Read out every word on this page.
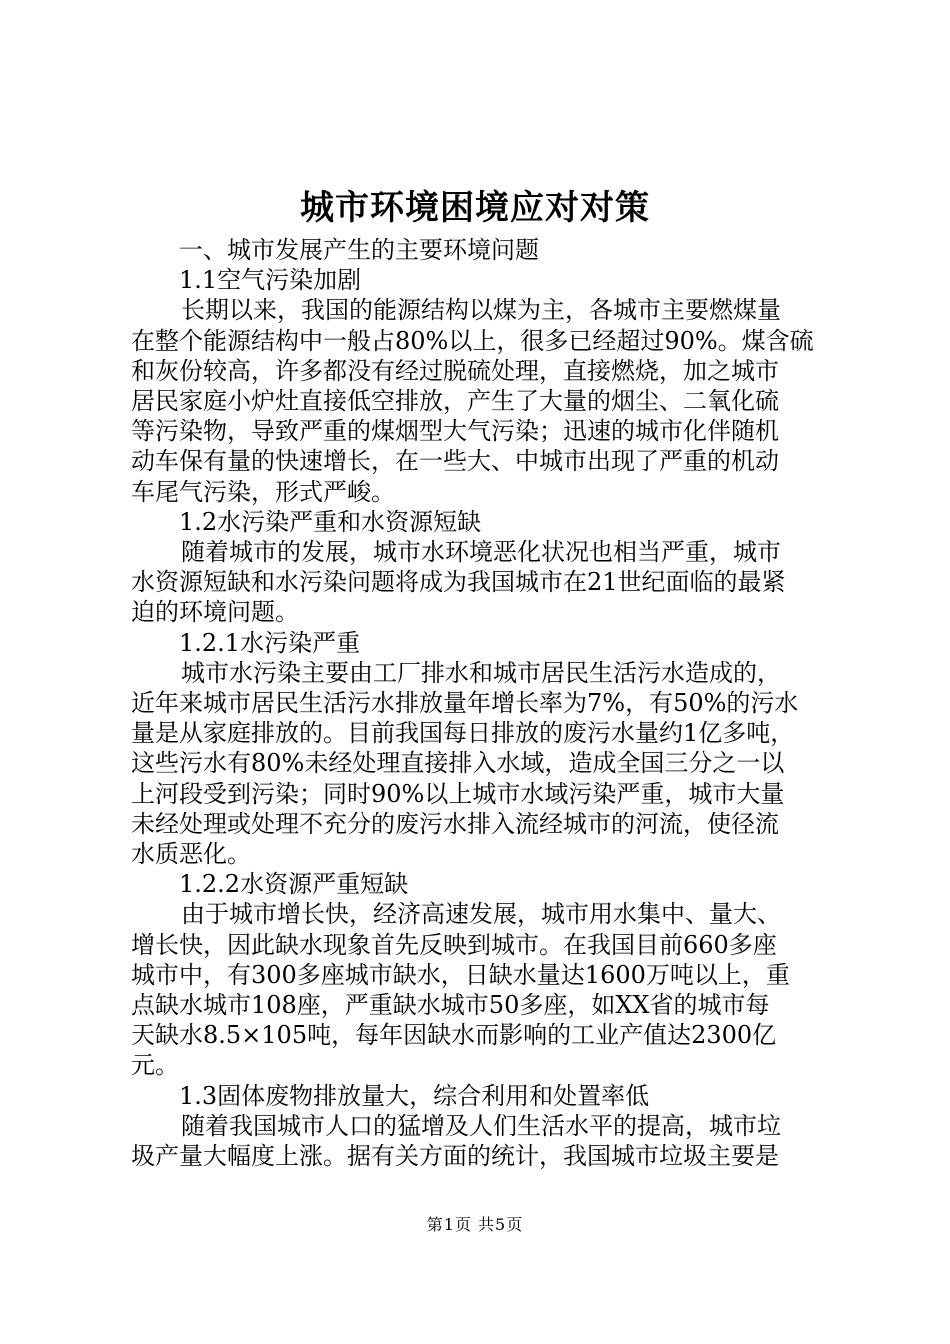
城市环境困境应对对策
一、城市发展产生的主要环境问题
1.1空气污染加剧
长期以来，我国的能源结构以煤为主，各城市主要燃煤量
在整个能源结构中一般占80%以上，很多已经超过90%。煤含硫
和灰份较高，许多都没有经过脱硫处理，直接燃烧，加之城市
居民家庭小炉灶直接低空排放，产生了大量的烟尘、二氧化硫
等污染物，导致严重的煤烟型大气污染；迅速的城市化伴随机
动车保有量的快速增长，在一些大、中城市出现了严重的机动
车尾气污染，形式严峻。
1.2水污染严重和水资源短缺
随着城市的发展，城市水环境恶化状况也相当严重，城市
水资源短缺和水污染问题将成为我国城市在21世纪面临的最紧
迫的环境问题。
1.2.1水污染严重
城市水污染主要由工厂排水和城市居民生活污水造成的，
近年来城市居民生活污水排放量年增长率为7%，有50%的污水
量是从家庭排放的。目前我国每日排放的废污水量约1亿多吨，
这些污水有80%未经处理直接排入水域，造成全国三分之一以
上河段受到污染；同时90%以上城市水域污染严重，城市大量
未经处理或处理不充分的废污水排入流经城市的河流，使径流
水质恶化。
1.2.2水资源严重短缺
由于城市增长快，经济高速发展，城市用水集中、量大、
增长快，因此缺水现象首先反映到城市。在我国目前660多座
城市中，有300多座城市缺水，日缺水量达1600万吨以上，重
点缺水城市108座，严重缺水城市50多座，如XX省的城市每
天缺水8.5×105吨，每年因缺水而影响的工业产值达2300亿
元。
1.3固体废物排放量大，综合利用和处置率低
随着我国城市人口的猛增及人们生活水平的提高，城市垃
圾产量大幅度上涨。据有关方面的统计，我国城市垃圾主要是
第1页 共5页
